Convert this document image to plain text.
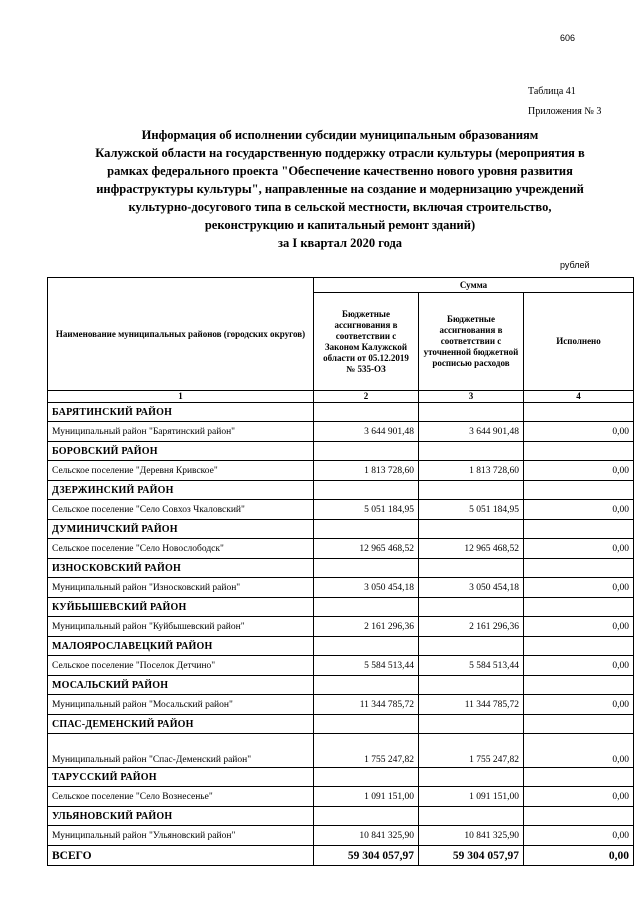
606
Таблица 41
Приложения № 3
Информация об исполнении субсидии муниципальным образованиям
Калужской области на государственную поддержку отрасли культуры (мероприятия в
рамках федерального проекта "Обеспечение качественно нового уровня развития
инфраструктуры культуры", направленные на создание и модернизацию учреждений
культурно-досугового типа в сельской местности, включая строительство,
реконструкцию и капитальный ремонт зданий)
за I квартал 2020 года
рублей
Наименование муниципальных районов (городских округов)	Сумма		
	Бюджетные ассигнования в соответствии с Законом Калужской области от 05.12.2019 № 535-ОЗ	Бюджетные ассигнования в соответствии с уточненной бюджетной росписью расходов	Исполнено
1	2	3	4
БАРЯТИНСКИЙ РАЙОН			
Муниципальный район "Барятинский район"	3 644 901,48	3 644 901,48	0,00
БОРОВСКИЙ РАЙОН			
Сельское поселение "Деревня Кривское"	1 813 728,60	1 813 728,60	0,00
ДЗЕРЖИНСКИЙ РАЙОН			
Сельское поселение "Село Совхоз Чкаловский"	5 051 184,95	5 051 184,95	0,00
ДУМИНИЧСКИЙ РАЙОН			
Сельское поселение "Село Новослободск"	12 965 468,52	12 965 468,52	0,00
ИЗНОСКОВСКИЙ РАЙОН			
Муниципальный район "Износковский район"	3 050 454,18	3 050 454,18	0,00
КУЙБЫШЕВСКИЙ РАЙОН			
Муниципальный район "Куйбышевский район"	2 161 296,36	2 161 296,36	0,00
МАЛОЯРОСЛАВЕЦКИЙ РАЙОН			
Сельское поселение "Поселок Детчино"	5 584 513,44	5 584 513,44	0,00
МОСАЛЬСКИЙ РАЙОН			
Муниципальный район "Мосальский район"	11 344 785,72	11 344 785,72	0,00
СПАС-ДЕМЕНСКИЙ РАЙОН			
Муниципальный район "Спас-Деменский район"	1 755 247,82	1 755 247,82	0,00
ТАРУССКИЙ РАЙОН			
Сельское поселение "Село Вознесенье"	1 091 151,00	1 091 151,00	0,00
УЛЬЯНОВСКИЙ РАЙОН			
Муниципальный район "Ульяновский район"	10 841 325,90	10 841 325,90	0,00
ВСЕГО	59 304 057,97	59 304 057,97	0,00
